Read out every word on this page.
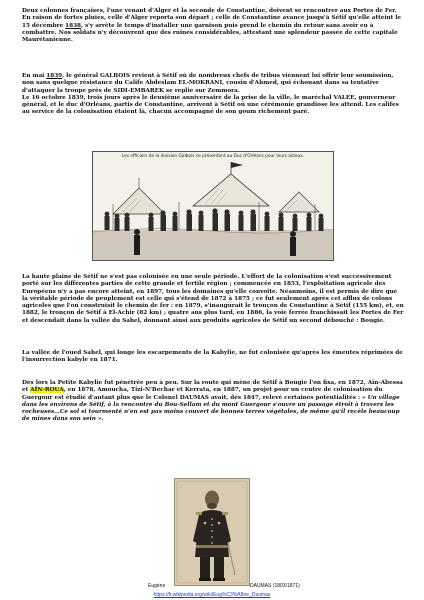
Deux colonnes françaises, l'une venant d'Alger et la seconde de Constantine, doivent se rencontrer aux Portes de Fer. En raison de fortes pluies, celle d'Alger reporta son départ ; celle de Constantine avance jusqu'à Sétif qu'elle atteint le 15 décembre 1838, s'y arrête le temps d'installer une garnison puis prend le chemin du retour sans avoir eu à combattre. Nos soldats n'y découvrent que des ruines considérables, attestant une splendeur passée de cette capitale Maurétanienne.

En mai 1839, le général GALBOIS revient à Sétif où de nombreux chefs de tribus viennent lui offrir leur soumission, non sans quelque résistance du Calife Abdeslam EL-MOKRANI, cousin d'Ahmed, qui échouant dans sa tentative d'attaquer la troupe près de SIDI-EMBAREK se replie sur Zemmora.
Le 16 octobre 1839, trois jours après le deuxième anniversaire de la prise de la ville, le maréchal VALEE, gouverneur général, et le duc d'Orléans, partis de Constantine, arrivent à Sétif où une cérémonie grandiose les attend. Les califes au service de la colonisation étaient là, chacun accompagné de son goum richement paré.

Les officiers de la division Galbois se présentant au Duc d'Orléans pour leurs adieux.

La haute plaine de Sétif ne s'est pas colonisée en une seule période. L'effort de la colonisation s'est successivement porté sur les différentes parties de cette grande et fertile région ; commencée en 1853, l'exploitation agricole des Européens n'y a pas encore atteint, en 1897, tous les domaines qu'elle convoite. Néanmoins, il est permis de dire que la véritable période de peuplement est celle qui s'étend de 1872 à 1875 ; ce fut seulement après cet afflux de colons agricoles que l'on construisit le chemin de fer : en 1879, s'inaugurait le tronçon de Constantine à Sétif (155 km), et, en 1882, le tronçon de Sétif à El-Achir (82 km) ; quatre ans plus tard, en 1886, la voie ferrée franchissait les Portes de Fer et descendait dans la vallée du Sahel, donnant ainsi aux produits agricoles de Sétif un second débouché : Bougie.

La vallée de l'oued Sahel, qui longe les escarpements de la Kabylie, ne fut colonisée qu'après les émeutes réprimées de l'insurrection kabyle en 1871.

Dès lors la Petite Kabylie fut pénétrée peu à peu. Sur la route qui mène de Sétif à Bougie l'on fixa, en 1872, Aïn-Abessa et AÏN-ROUA, en 1878, Amoucha, Tizi-N'Bechar et Kerrata, en 1887, un projet pour un centre de colonisation du Guergour est étudié d'autant plus que le Colonel DAUMAS avait, dès 1847, relevé certaines potentialités : « Un village dans les environs de Sétif, à la rencontre du Bou-Sellam et du mont Guergour s'ouvre un passage étroit à travers les rocheuses…Ce sol si tourmenté n'en est pas moins couvert de bonnes terres végétales, de même qu'il recèle beaucoup de mines dans son sein ».

Eugène	DAUMAS (1803/1871)
https://fr.wikipedia.org/wiki/Eug%C3%A8ne_Daumas
